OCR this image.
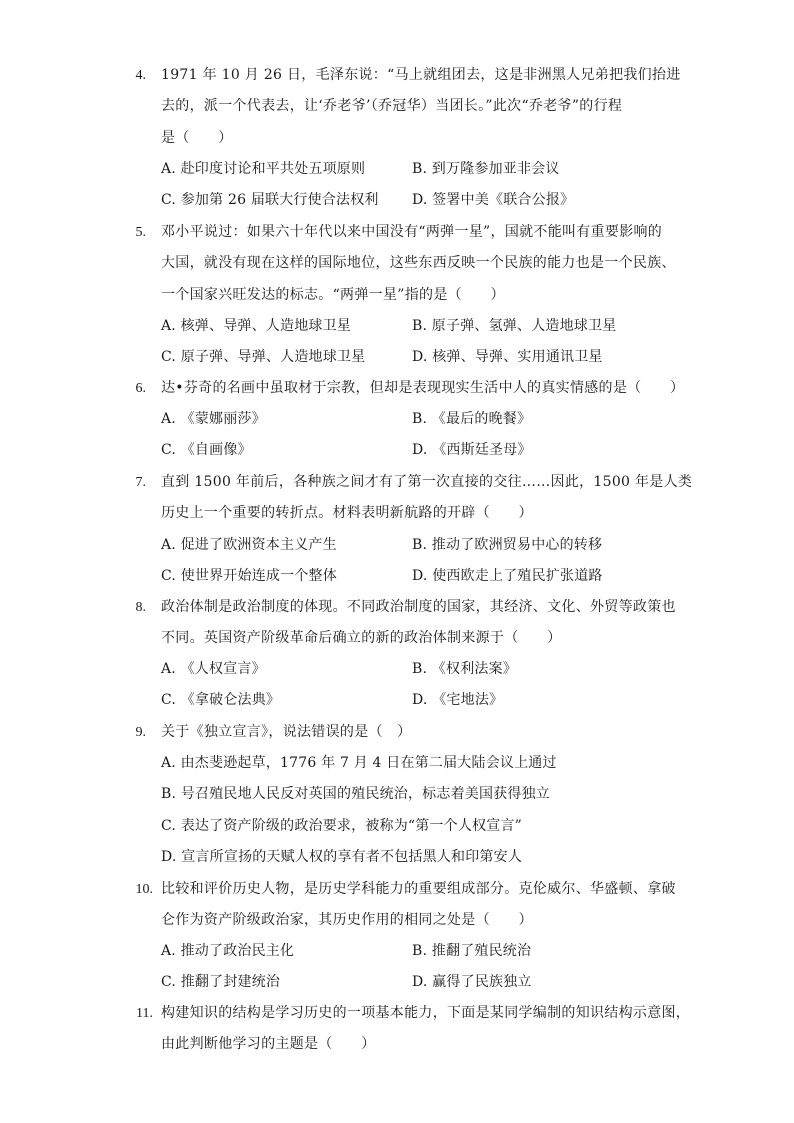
4. 1971 年 10 月 26 日，毛泽东说：“马上就组团去，这是非洲黑人兄弟把我们抬进
去的，派一个代表去，让‘乔老爷’（乔冠华）当团长。”此次“乔老爷”的行程
是（　　）
A. 赴印度讨论和平共处五项原则	B. 到万隆参加亚非会议
C. 参加第 26 届联大行使合法权利 D. 签署中美《联合公报》
5. 邓小平说过：如果六十年代以来中国没有“两弹一星”，国就不能叫有重要影响的
大国，就没有现在这样的国际地位，这些东西反映一个民族的能力也是一个民族、
一个国家兴旺发达的标志。“两弹一星”指的是（　　）
A. 核弹、导弹、人造地球卫星	B. 原子弹、氢弹、人造地球卫星
C. 原子弹、导弹、人造地球卫星	D. 核弹、导弹、实用通讯卫星
6. 达•芬奇的名画中虽取材于宗教，但却是表现现实生活中人的真实情感的是（　　）
A. 《蒙娜丽莎》	B. 《最后的晚餐》
C. 《自画像》	D. 《西斯廷圣母》
7. 直到 1500 年前后，各种族之间才有了第一次直接的交往……因此，1500 年是人类
历史上一个重要的转折点。材料表明新航路的开辟（　　）
A. 促进了欧洲资本主义产生	B. 推动了欧洲贸易中心的转移
C. 使世界开始连成一个整体	D. 使西欧走上了殖民扩张道路
8. 政治体制是政治制度的体现。不同政治制度的国家，其经济、文化、外贸等政策也
不同。英国资产阶级革命后确立的新的政治体制来源于（　　）
A. 《人权宣言》	B. 《权利法案》
C. 《拿破仑法典》	D. 《宅地法》
9. 关于《独立宣言》，说法错误的是（　）
A. 由杰斐逊起草，1776 年 7 月 4 日在第二届大陆会议上通过
B. 号召殖民地人民反对英国的殖民统治，标志着美国获得独立
C. 表达了资产阶级的政治要求，被称为“第一个人权宣言”
D. 宣言所宣扬的天赋人权的享有者不包括黑人和印第安人
10. 比较和评价历史人物，是历史学科能力的重要组成部分。克伦威尔、华盛顿、拿破
仑作为资产阶级政治家，其历史作用的相同之处是（　　）
A. 推动了政治民主化	B. 推翻了殖民统治
C. 推翻了封建统治	D. 赢得了民族独立
11. 构建知识的结构是学习历史的一项基本能力，下面是某同学编制的知识结构示意图，
由此判断他学习的主题是（　　）
